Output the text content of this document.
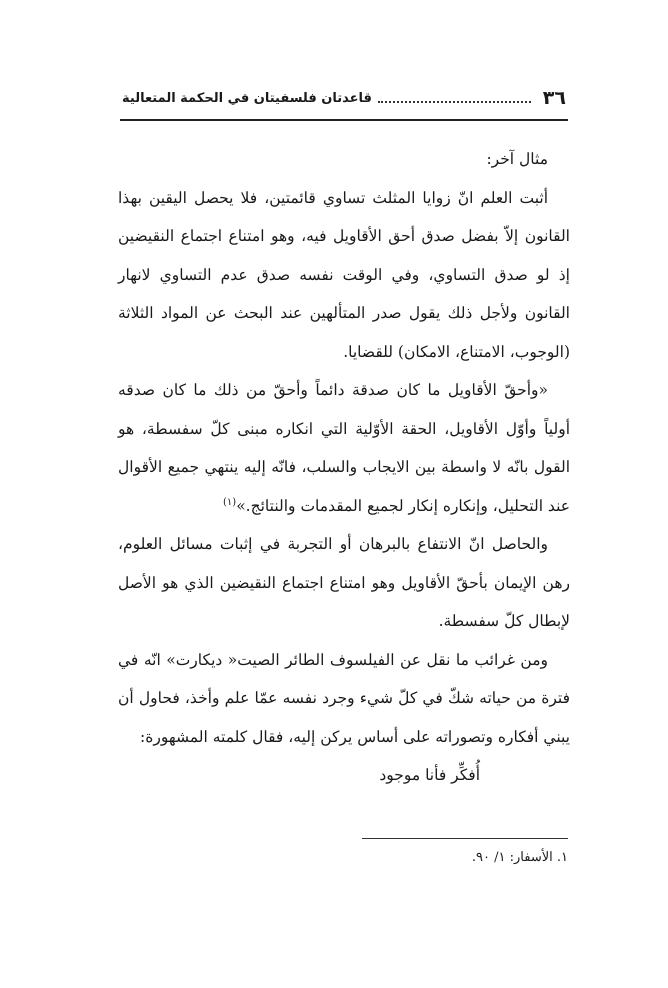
٣٦
قاعدتان فلسفيتان في الحكمة المتعالية

مثال آخر:

أثبت العلم انّ زوايا المثلث تساوي قائمتين، فلا يحصل اليقين بهذا القانون إلاّ بفضل صدق أحق الأقاويل فيه، وهو امتناع اجتماع النقيضين إذ لو صدق التساوي، وفي الوقت نفسه صدق عدم التساوي لانهار القانون ولأجل ذلك يقول صدر المتألهين عند البحث عن المواد الثلاثة (الوجوب، الامتناع، الامكان) للقضايا.

«وأحقّ الأقاويل ما كان صدقة دائماً وأحقّ من ذلك ما كان صدقه أولياً وأوّل الأقاويل، الحقة الأوّلية التي انكاره مبنى كلّ سفسطة، هو القول بانّه لا واسطة بين الايجاب والسلب، فانّه إليه ينتهي جميع الأقوال عند التحليل، وإنكاره إنكار لجميع المقدمات والنتائج.»$^{(١)}$

والحاصل انّ الانتفاع بالبرهان أو التجربة في إثبات مسائل العلوم، رهن الإيمان بأحقّ الأقاويل وهو امتناع اجتماع النقيضين الذي هو الأصل لإبطال كلّ سفسطة.

ومن غرائب ما نقل عن الفيلسوف الطائر الصيت« ديكارت» انّه في فترة من حياته شكّ في كلّ شيء وجرد نفسه عمّا علم وأخذ، فحاول أن يبني أفكاره وتصوراته على أساس يركن إليه، فقال كلمته المشهورة:

أُفكِّر فأنا موجود

١. الأسفار: ١/ ٩٠.
